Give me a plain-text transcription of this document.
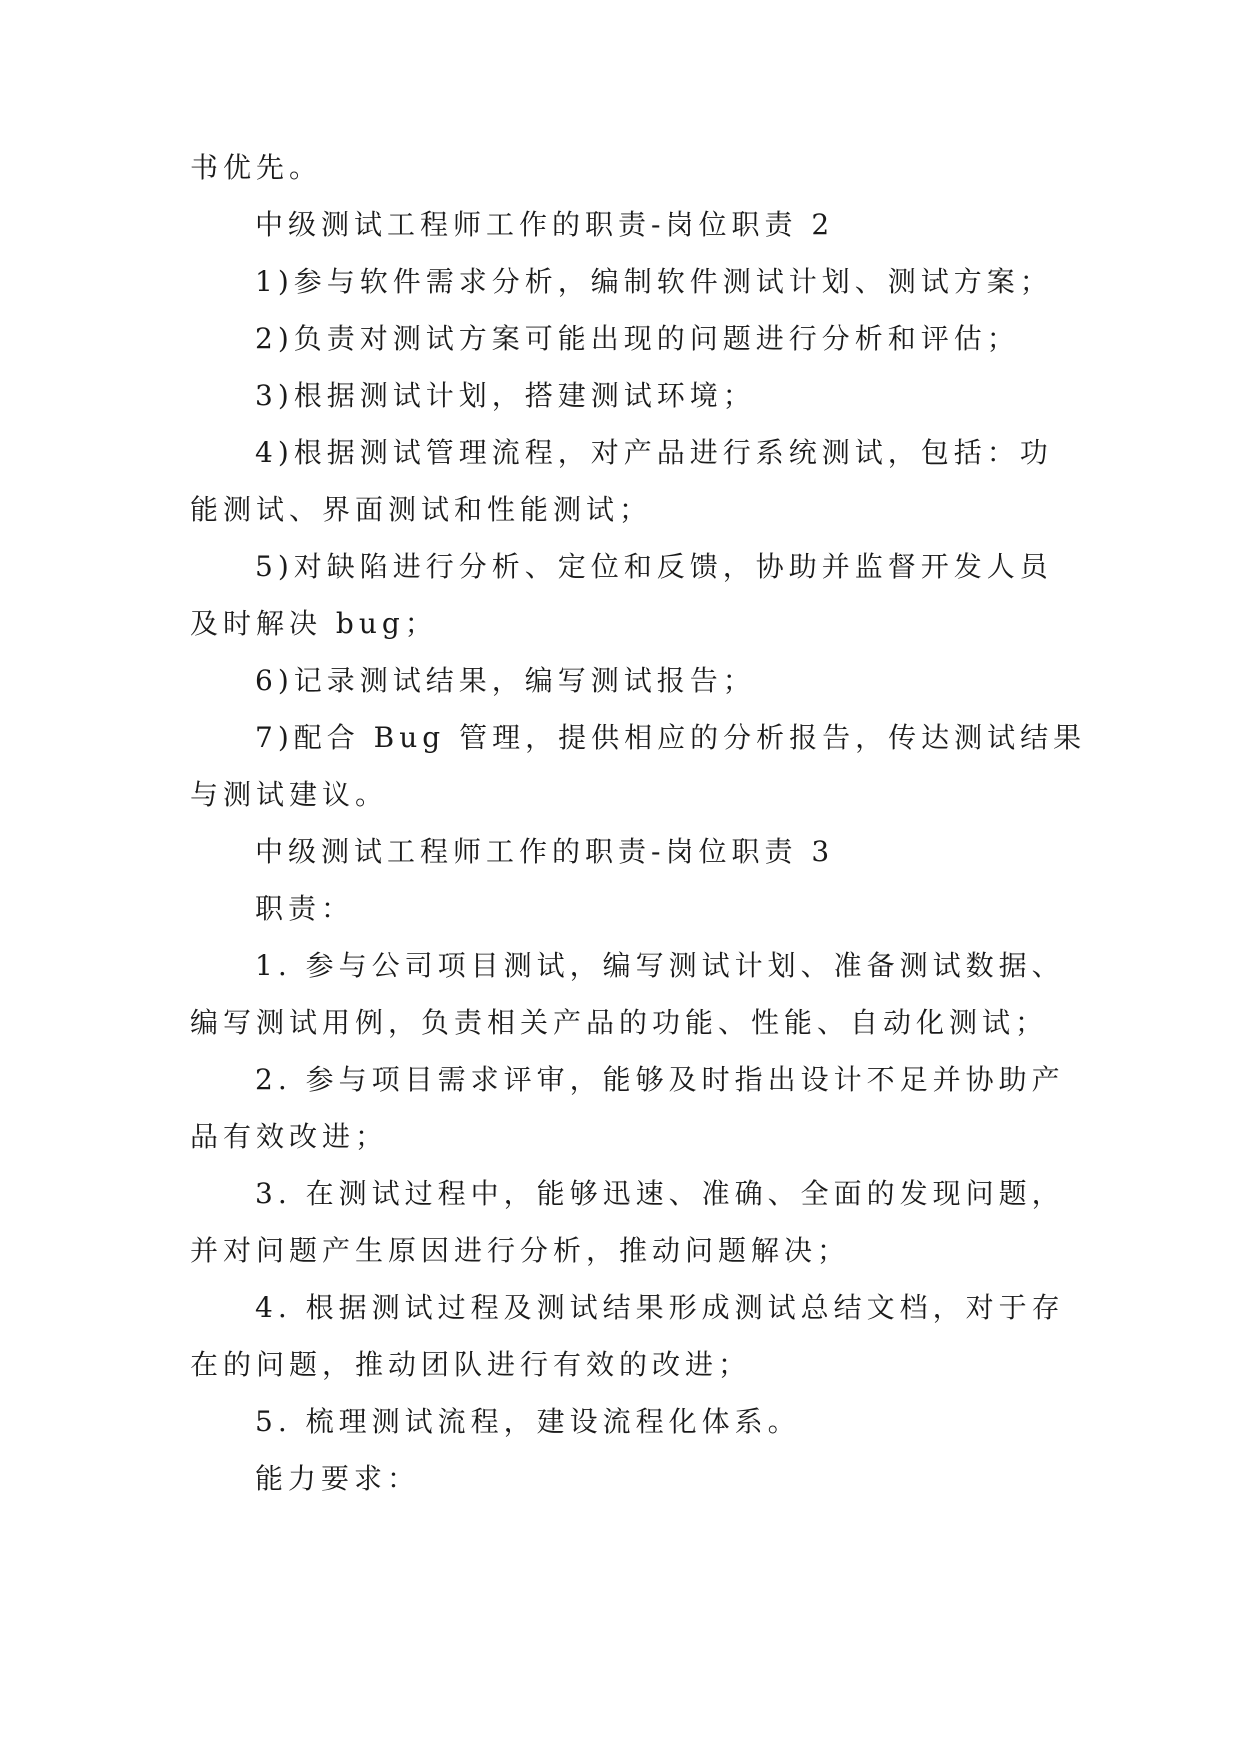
书优先。

中级测试工程师工作的职责-岗位职责 2

1)参与软件需求分析，编制软件测试计划、测试方案；

2)负责对测试方案可能出现的问题进行分析和评估；

3)根据测试计划，搭建测试环境；

4)根据测试管理流程，对产品进行系统测试，包括：功

能测试、界面测试和性能测试；

5)对缺陷进行分析、定位和反馈，协助并监督开发人员

及时解决 bug；

6)记录测试结果，编写测试报告；

7)配合 Bug 管理，提供相应的分析报告，传达测试结果

与测试建议。

中级测试工程师工作的职责-岗位职责 3

职责：

1. 参与公司项目测试，编写测试计划、准备测试数据、

编写测试用例，负责相关产品的功能、性能、自动化测试；

2. 参与项目需求评审，能够及时指出设计不足并协助产

品有效改进；

3. 在测试过程中，能够迅速、准确、全面的发现问题，

并对问题产生原因进行分析，推动问题解决；

4. 根据测试过程及测试结果形成测试总结文档，对于存

在的问题，推动团队进行有效的改进；

5. 梳理测试流程，建设流程化体系。

能力要求：
